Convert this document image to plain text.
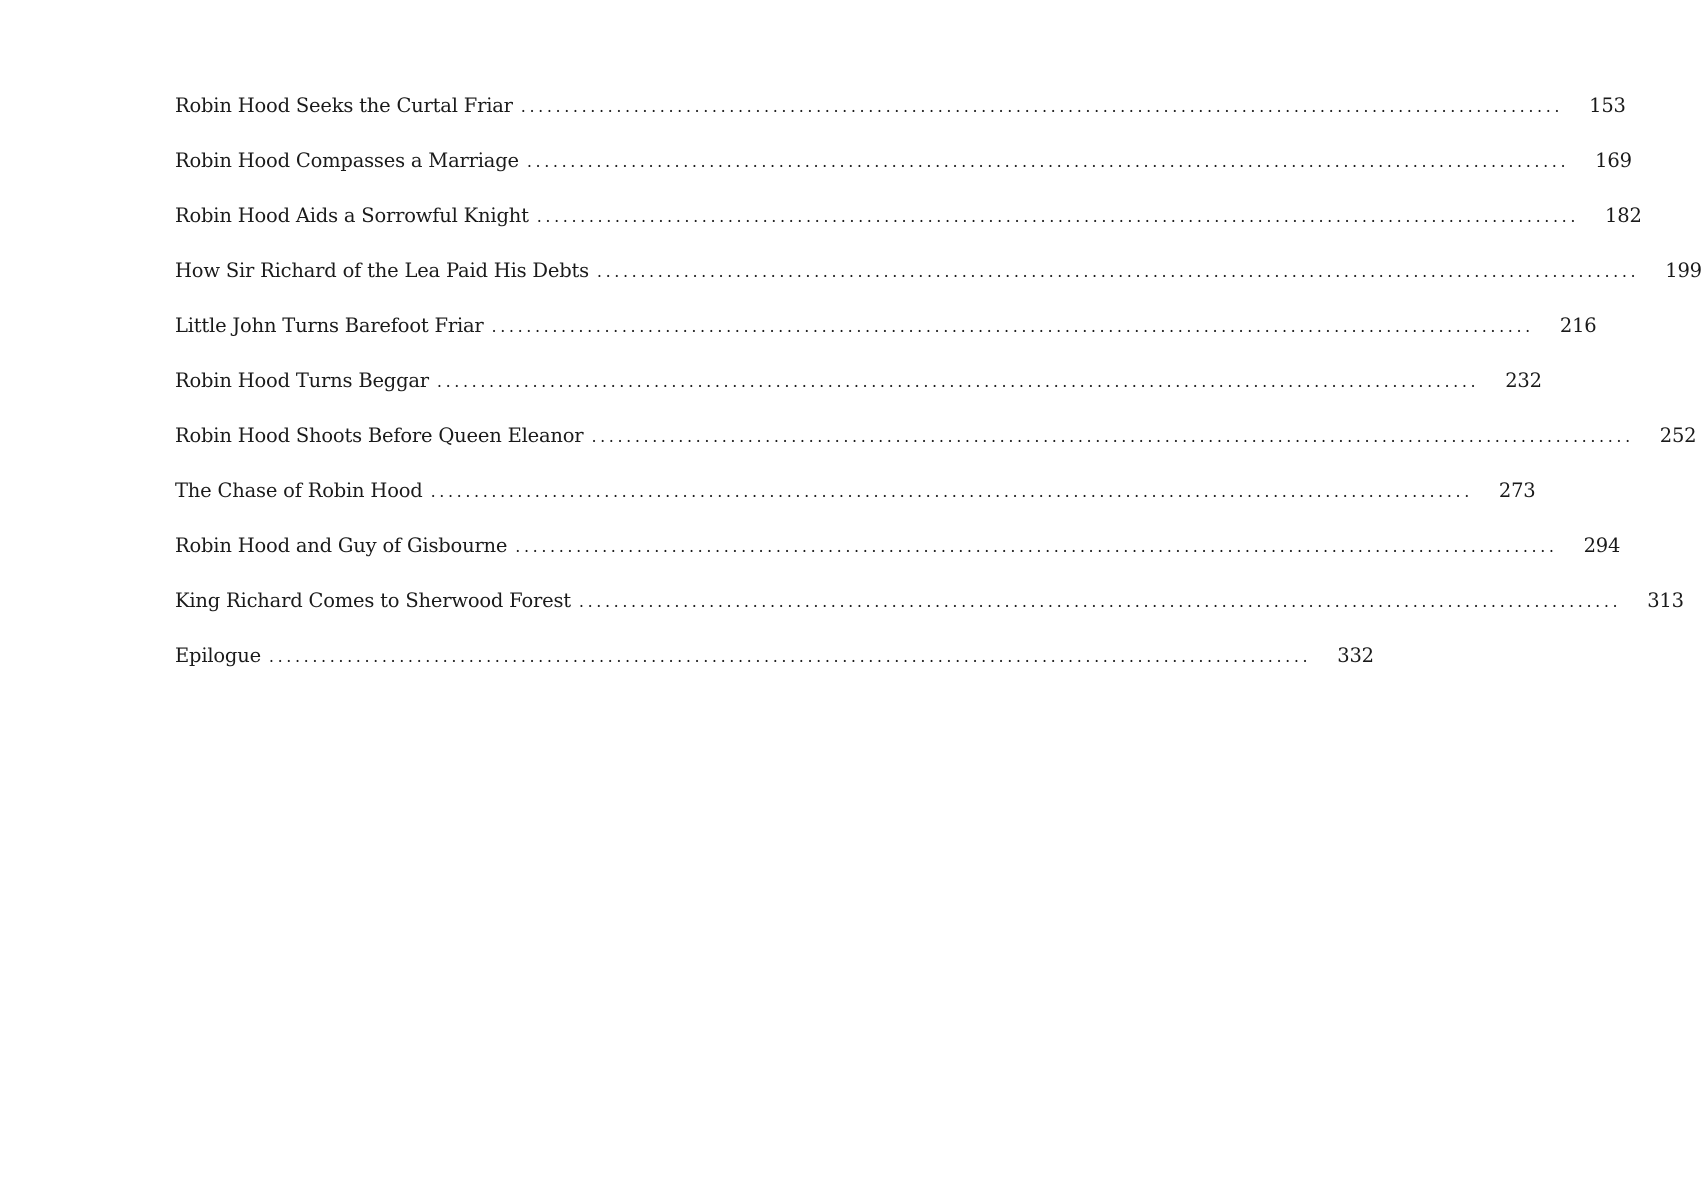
Robin Hood Seeks the Curtal Friar ........................................................................................................................ 153
Robin Hood Compasses a Marriage ........................................................................................................................ 169
Robin Hood Aids a Sorrowful Knight ........................................................................................................................ 182
How Sir Richard of the Lea Paid His Debts ........................................................................................................................ 199
Little John Turns Barefoot Friar ........................................................................................................................ 216
Robin Hood Turns Beggar ........................................................................................................................ 232
Robin Hood Shoots Before Queen Eleanor ........................................................................................................................ 252
The Chase of Robin Hood ........................................................................................................................ 273
Robin Hood and Guy of Gisbourne ........................................................................................................................ 294
King Richard Comes to Sherwood Forest ........................................................................................................................ 313
Epilogue ........................................................................................................................ 332
